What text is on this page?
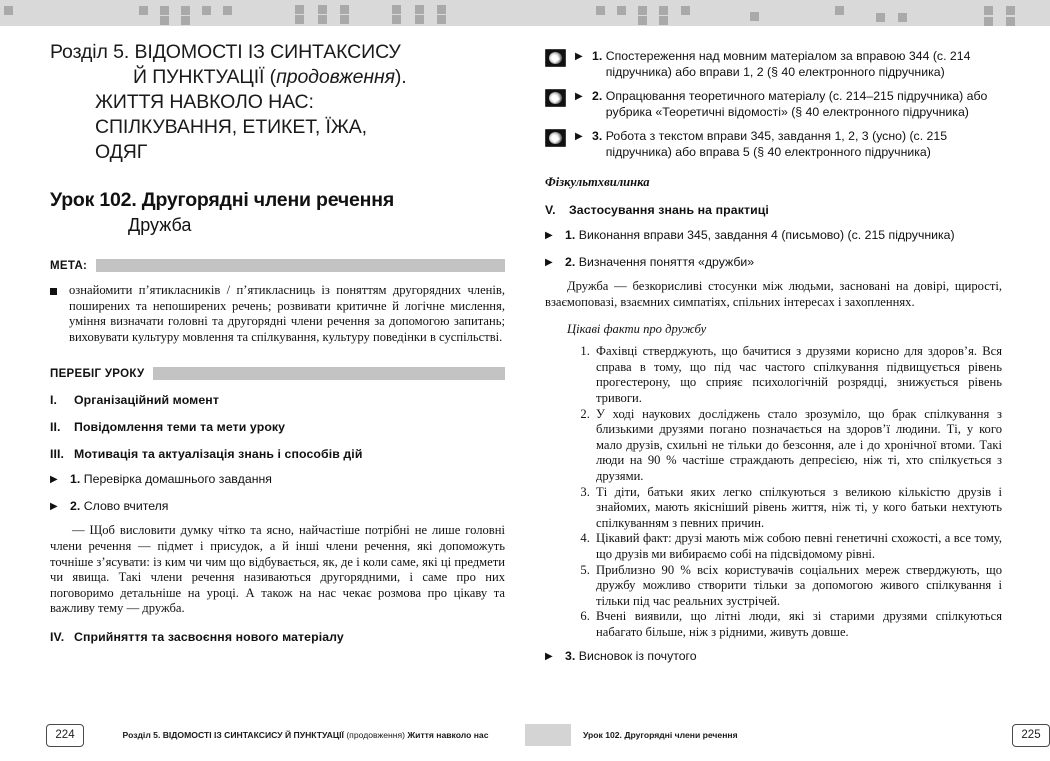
Розділ 5. ВІДОМОСТІ ІЗ СИНТАКСИСУ
Й ПУНКТУАЦІЇ (продовження).
ЖИТТЯ НАВКОЛО НАС:
СПІЛКУВАННЯ, ЕТИКЕТ, ЇЖА,
ОДЯГ
Урок 102. Другорядні члени речення
Дружба
МЕТА:
ознайомити п’ятикласників / п’ятикласниць із поняттям другорядних членів, поширених та непоширених речень; розвивати критичне й логічне мислення, уміння визначати головні та другорядні члени речення за допомогою запитань; виховувати культуру мовлення та спілкування, культуру поведінки в суспільстві.
ПЕРЕБІГ УРОКУ
I.	Організаційний момент
II.	Повідомлення теми та мети уроку
III. Мотивація та актуалізація знань і способів дій
▶ 1. Перевірка домашнього завдання
▶ 2. Слово вчителя
— Щоб висловити думку чітко та ясно, найчастіше потрібні не лише головні члени речення — підмет і присудок, а й інші члени речення, які допоможуть точніше з’ясувати: із ким чи чим що відбувається, як, де і коли саме, які ці предмети чи явища. Такі члени речення називаються другорядними, і саме про них поговоримо детальніше на уроці. А також на нас чекає розмова про цікаву та важливу тему — дружба.
IV. Сприйняття та засвоєння нового матеріалу
224	Розділ 5. ВІДОМОСТІ ІЗ СИНТАКСИСУ Й ПУНКТУАЦІЇ (продовження) Життя навколо нас
▶ 1. Спостереження над мовним матеріалом за вправою 344 (с. 214 підручника) або вправи 1, 2 (§ 40 електронного підручника)
▶ 2. Опрацювання теоретичного матеріалу (с. 214–215 підручника) або рубрика «Теоретичні відомості» (§ 40 електронного підручника)
▶ 3. Робота з текстом вправи 345, завдання 1, 2, 3 (усно) (с. 215 підручника) або вправа 5 (§ 40 електронного підручника)
Фізкультхвилинка
V.	Застосування знань на практиці
▶ 1. Виконання вправи 345, завдання 4 (письмово) (с. 215 підручника)
▶ 2. Визначення поняття «дружби»
Дружба — безкорисливі стосунки між людьми, засновані на довірі, щирості, взаємоповазі, взаємних симпатіях, спільних інтересах і захопленнях.
Цікаві факти про дружбу
1. Фахівці стверджують, що бачитися з друзями корисно для здоров’я. Вся справа в тому, що під час частого спілкування підвищується рівень прогестерону, що сприяє психологічній розрядці, знижується рівень тривоги.
2. У ході наукових досліджень стало зрозуміло, що брак спілкування з близькими друзями погано позначається на здоров’ї людини. Ті, у кого мало друзів, схильні не тільки до безсоння, але і до хронічної втоми. Такі люди на 90 % частіше страждають депресією, ніж ті, хто спілкується з друзями.
3. Ті діти, батьки яких легко спілкуються з великою кількістю друзів і знайомих, мають якісніший рівень життя, ніж ті, у кого батьки нехтують спілкуванням з певних причин.
4. Цікавий факт: друзі мають між собою певні генетичні схожості, а все тому, що друзів ми вибираємо собі на підсвідомому рівні.
5. Приблизно 90 % всіх користувачів соціальних мереж стверджують, що дружбу можливо створити тільки за допомогою живого спілкування і тільки під час реальних зустрічей.
6. Вчені виявили, що літні люди, які зі старими друзями спілкуються набагато більше, ніж з рідними, живуть довше.
▶ 3. Висновок із почутого
Урок 102. Другорядні члени речення	225
